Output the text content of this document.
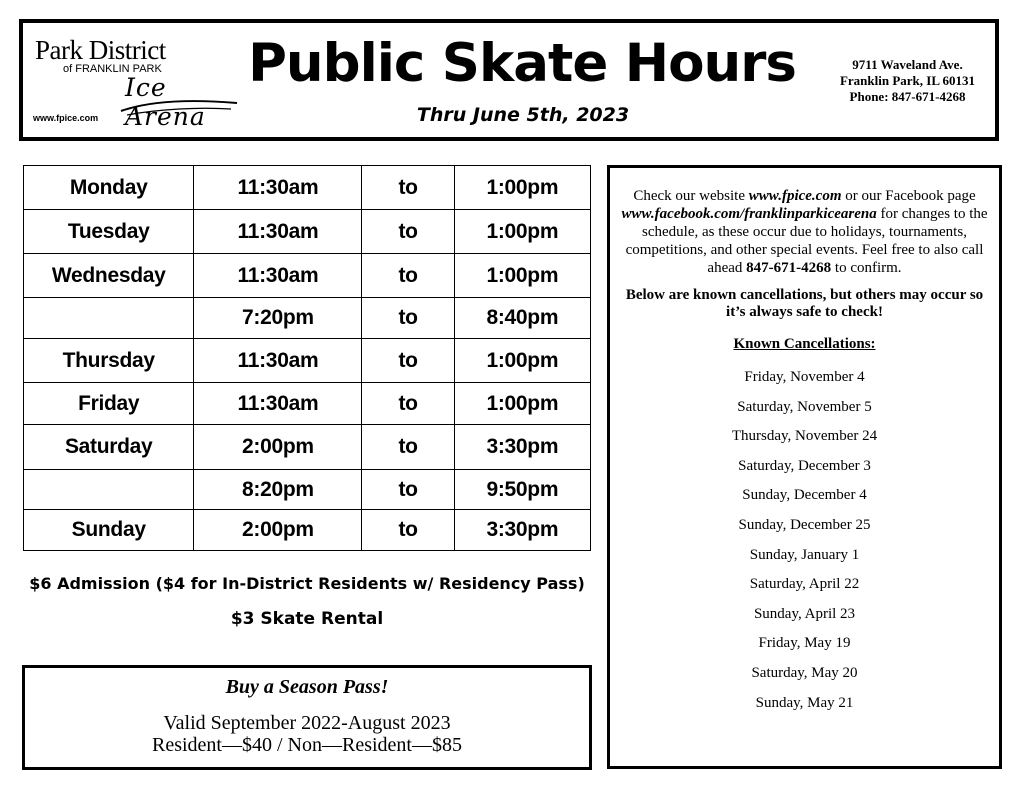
Park District
of FRANKLIN PARK
Ice Arena
www.fpice.com
Public Skate Hours
Thru June 5th, 2023
9711 Waveland Ave.
Franklin Park, IL 60131
Phone: 847-671-4268
Monday	11:30am	to	1:00pm
Tuesday	11:30am	to	1:00pm
Wednesday	11:30am	to	1:00pm
	7:20pm	to	8:40pm
Thursday	11:30am	to	1:00pm
Friday	11:30am	to	1:00pm
Saturday	2:00pm	to	3:30pm
	8:20pm	to	9:50pm
Sunday	2:00pm	to	3:30pm
$6 Admission ($4 for In-District Residents w/ Residency Pass)
$3 Skate Rental
Buy a Season Pass!
Valid September 2022-August 2023
Resident—$40 / Non—Resident—$85
Check our website www.fpice.com or our Facebook page www.facebook.com/franklinparkicearena for changes to the schedule, as these occur due to holidays, tournaments, competitions, and other special events. Feel free to also call ahead 847-671-4268 to confirm.
Below are known cancellations, but others may occur so it’s always safe to check!
Known Cancellations:
Friday, November 4
Saturday, November 5
Thursday, November 24
Saturday, December 3
Sunday, December 4
Sunday, December 25
Sunday, January 1
Saturday, April 22
Sunday, April 23
Friday, May 19
Saturday, May 20
Sunday, May 21
